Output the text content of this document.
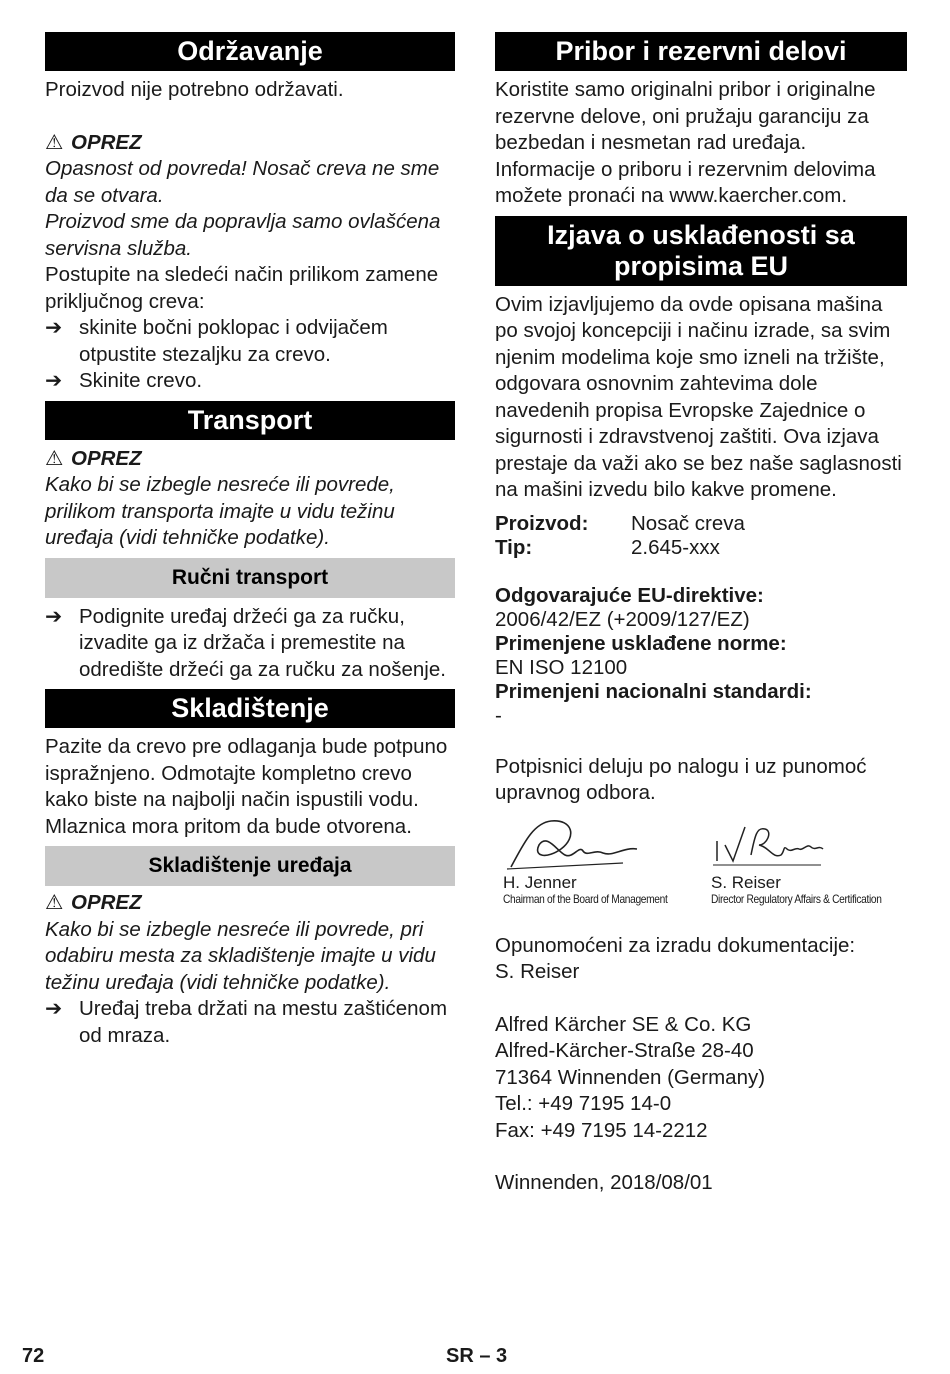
Održavanje

Proizvod nije potrebno održavati.

⚠ OPREZ

Opasnost od povreda! Nosač creva ne sme da se otvara.

Proizvod sme da popravlja samo ovlašćena servisna služba.

Postupite na sledeći način prilikom zamene priključnog creva:

➔ skinite bočni poklopac i odvijačem otpustite stezaljku za crevo.
➔ Skinite crevo.
Transport
⚠ OPREZ

Kako bi se izbegle nesreće ili povrede, prilikom transporta imajte u vidu težinu uređaja (vidi tehničke podatke).

Ručni transport
➔ Podignite uređaj držeći ga za ručku, izvadite ga iz držača i premestite na odredište držeći ga za ručku za nošenje.
Skladištenje

Pazite da crevo pre odlaganja bude potpuno ispražnjeno. Odmotajte kompletno crevo kako biste na najbolji način ispustili vodu. Mlaznica mora pritom da bude otvorena.

Skladištenje uređaja
⚠ OPREZ

Kako bi se izbegle nesreće ili povrede, pri odabiru mesta za skladištenje imajte u vidu težinu uređaja (vidi tehničke podatke).

➔ Uređaj treba držati na mestu zaštićenom od mraza.
Pribor i rezervni delovi

Koristite samo originalni pribor i originalne rezervne delove, oni pružaju garanciju za bezbedan i nesmetan rad uređaja. Informacije o priboru i rezervnim delovima možete pronaći na www.kaercher.com.

Izjava o usklađenosti sa propisima EU

Ovim izjavljujemo da ovde opisana mašina po svojoj koncepciji i načinu izrade, sa svim njenim modelima koje smo izneli na tržište, odgovara osnovnim zahtevima dole navedenih propisa Evropske Zajednice o sigurnosti i zdravstvenoj zaštiti. Ova izjava prestaje da važi ako se bez naše saglasnosti na mašini izvedu bilo kakve promene.

Proizvod:	Nosač creva
Tip:	2.645-xxx
Odgovarajuće EU-direktive:
2006/42/EZ (+2009/127/EZ)
Primenjene usklađene norme:
EN ISO 12100
Primenjeni nacionalni standardi:
-

Potpisnici deluju po nalogu i uz punomoć upravnog odbora.

H. Jenner
Chairman of the Board of Management
S. Reiser
Director Regulatory Affairs & Certification

Opunomoćeni za izradu dokumentacije:

S. Reiser

Alfred Kärcher SE & Co. KG

Alfred-Kärcher-Straße 28-40

71364 Winnenden (Germany)

Tel.: +49 7195 14-0

Fax: +49 7195 14-2212

Winnenden, 2018/08/01

72	SR – 3
